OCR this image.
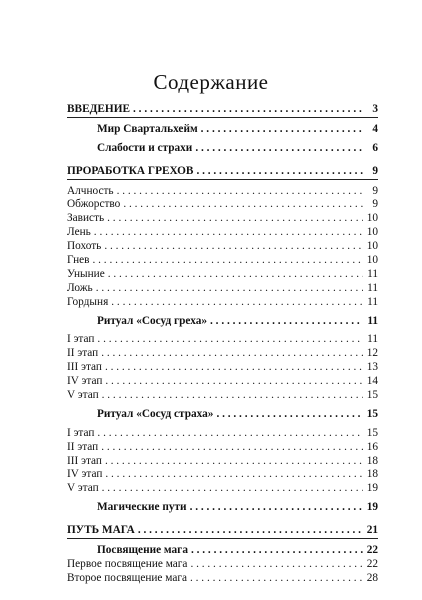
Содержание
ВВЕДЕНИЕ . . .	3
Мир Свартальхейм . . .	4
Слабости и страхи . . .	6
ПРОРАБОТКА ГРЕХОВ . . .	9
Алчность . . .	9
Обжорство . . .	9
Зависть . . .	10
Лень . . .	10
Похоть . . .	10
Гнев . . .	10
Уныние . . .	11
Ложь . . .	11
Гордыня . . .	11
Ритуал «Сосуд греха» . . .	11
I этап . . .	11
II этап . . .	12
III этап . . .	13
IV этап . . .	14
V этап . . .	15
Ритуал «Сосуд страха» . . .	15
I этап . . .	15
II этап . . .	16
III этап . . .	18
IV этап . . .	18
V этап . . .	19
Магические пути . . .	19
ПУТЬ МАГА . . .	21
Посвящение мага . . .	22
Первое посвящение мага . . .	22
Второе посвящение мага . . .	28
